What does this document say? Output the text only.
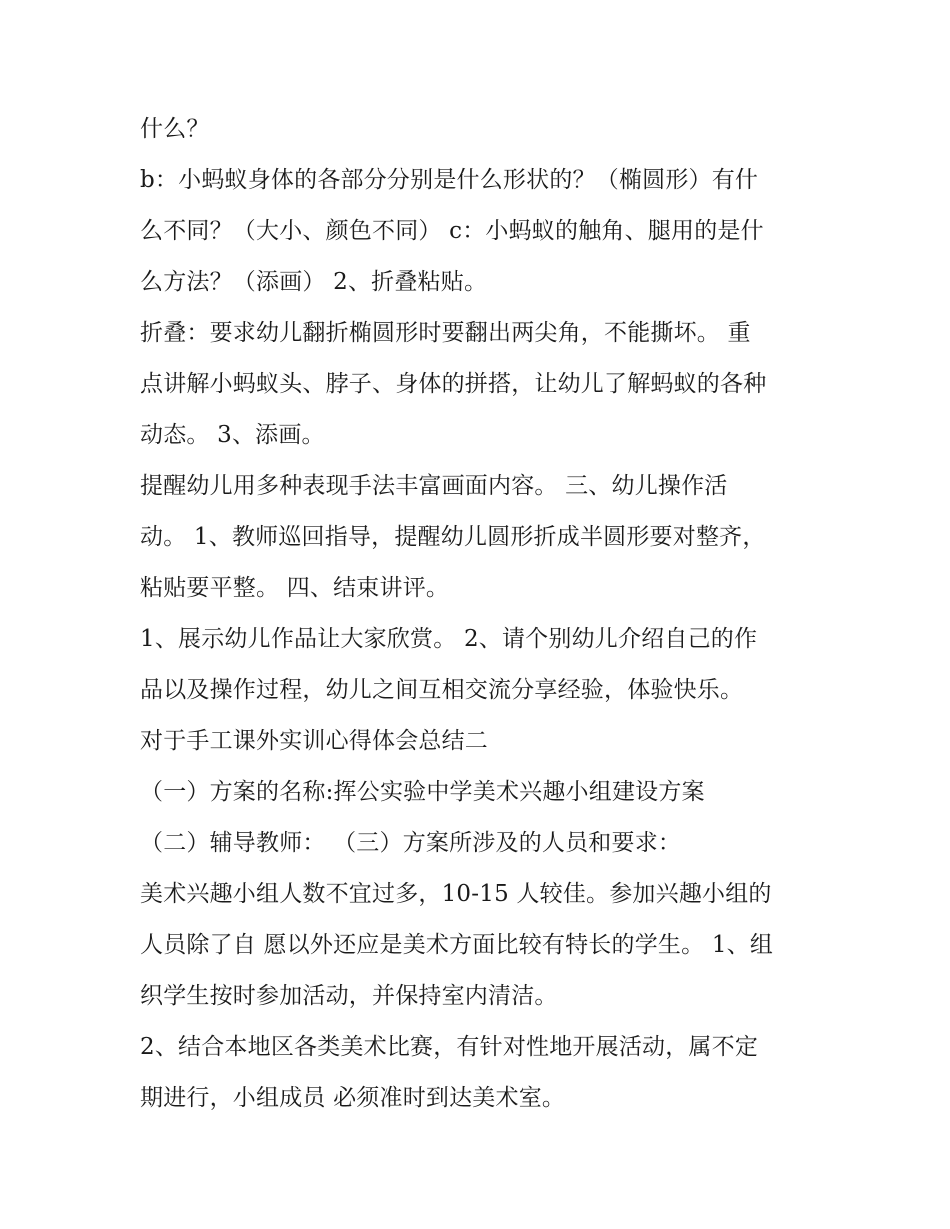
什么？
b：小蚂蚁身体的各部分分别是什么形状的？（椭圆形）有什
么不同？（大小、颜色不同） c：小蚂蚁的触角、腿用的是什
么方法？（添画） 2、折叠粘贴。
折叠：要求幼儿翻折椭圆形时要翻出两尖角，不能撕坏。 重
点讲解小蚂蚁头、脖子、身体的拼搭，让幼儿了解蚂蚁的各种
动态。 3、添画。
提醒幼儿用多种表现手法丰富画面内容。 三、幼儿操作活
动。 1、教师巡回指导，提醒幼儿圆形折成半圆形要对整齐，
粘贴要平整。 四、结束讲评。
1、展示幼儿作品让大家欣赏。 2、请个别幼儿介绍自己的作
品以及操作过程，幼儿之间互相交流分享经验，体验快乐。
对于手工课外实训心得体会总结二
（一）方案的名称:挥公实验中学美术兴趣小组建设方案
（二）辅导教师： （三）方案所涉及的人员和要求：
美术兴趣小组人数不宜过多，10-15 人较佳。参加兴趣小组的
人员除了自 愿以外还应是美术方面比较有特长的学生。 1、组
织学生按时参加活动，并保持室内清洁。
2、结合本地区各类美术比赛，有针对性地开展活动，属不定
期进行，小组成员 必须准时到达美术室。
